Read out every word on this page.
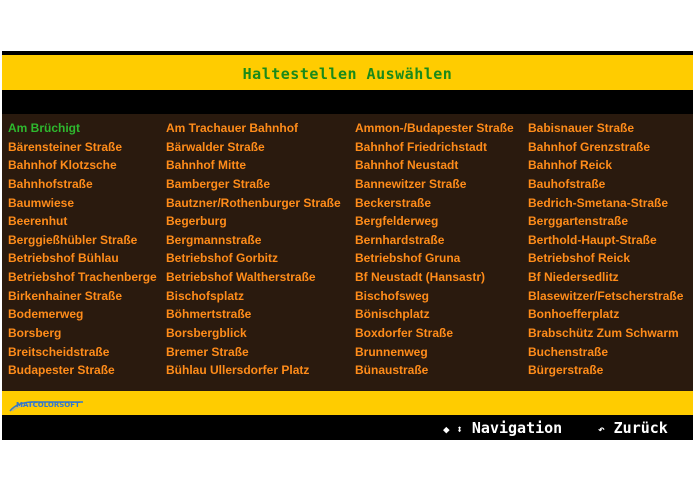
Haltestellen Auswählen
Am Brüchigt
Bärensteiner Straße
Bahnhof Klotzsche
Bahnhofstraße
Baumwiese
Beerenhut
Berggießhübler Straße
Betriebshof Bühlau
Betriebshof Trachenberge
Birkenhainer Straße
Bodemerweg
Borsberg
Breitscheidstraße
Budapester Straße
Am Trachauer Bahnhof
Bärwalder Straße
Bahnhof Mitte
Bamberger Straße
Bautzner/Rothenburger Straße
Begerburg
Bergmannstraße
Betriebshof Gorbitz
Betriebshof Waltherstraße
Bischofsplatz
Böhmertstraße
Borsbergblick
Bremer Straße
Bühlau Ullersdorfer Platz
Ammon-/Budapester Straße
Bahnhof Friedrichstadt
Bahnhof Neustadt
Bannewitzer Straße
Beckerstraße
Bergfelderweg
Bernhardstraße
Betriebshof Gruna
Bf Neustadt (Hansastr)
Bischofsweg
Bönischplatz
Boxdorfer Straße
Brunnenweg
Bünaustraße
Babisnauer Straße
Bahnhof Grenzstraße
Bahnhof Reick
Bauhofstraße
Bedrich-Smetana-Straße
Berggartenstraße
Berthold-Haupt-Straße
Betriebshof Reick
Bf Niedersedlitz
Blasewitzer/Fetscherstraße
Bonhoefferplatz
Brabschütz Zum Schwarm
Buchenstraße
Bürgerstraße
MATCOLORSOFT
◆ ⬍ Navigation	↶ Zurück
